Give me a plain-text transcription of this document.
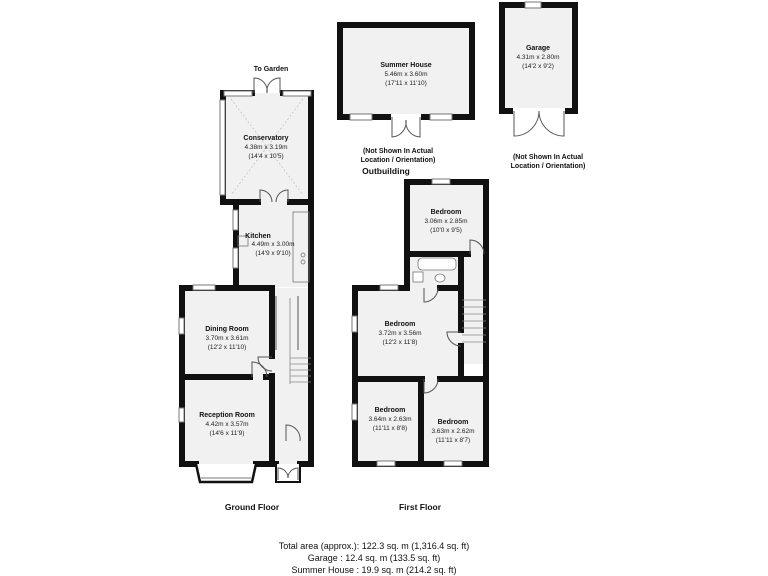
Summer House
5.46m x 3.60m
(17'11 x 11'10)
(Not Shown In Actual
Location / Orientation)
Outbuilding
Garage
4.31m x 2.80m
(14'2 x 9'2)
(Not Shown In Actual
Location / Orientation)
To Garden
Conservatory
4.38m x 3.19m
(14'4 x 10'5)
Kitchen
4.49m x 3.00m
(14'9 x 9'10)
Dining Room
3.70m x 3.61m
(12'2 x 11'10)
Reception Room
4.42m x 3.57m
(14'6 x 11'9)
Bedroom
3.06m x 2.85m
(10'0 x 9'5)
Bedroom
3.72m x 3.56m
(12'2 x 11'8)
Bedroom
3.64m x 2.63m
(11'11 x 8'8)
Bedroom
3.63m x 2.62m
(11'11 x 8'7)
Ground Floor	First Floor
Total area (approx.): 122.3 sq. m (1,316.4 sq. ft)
Garage : 12.4 sq. m (133.5 sq. ft)
Summer House : 19.9 sq. m (214.2 sq. ft)
